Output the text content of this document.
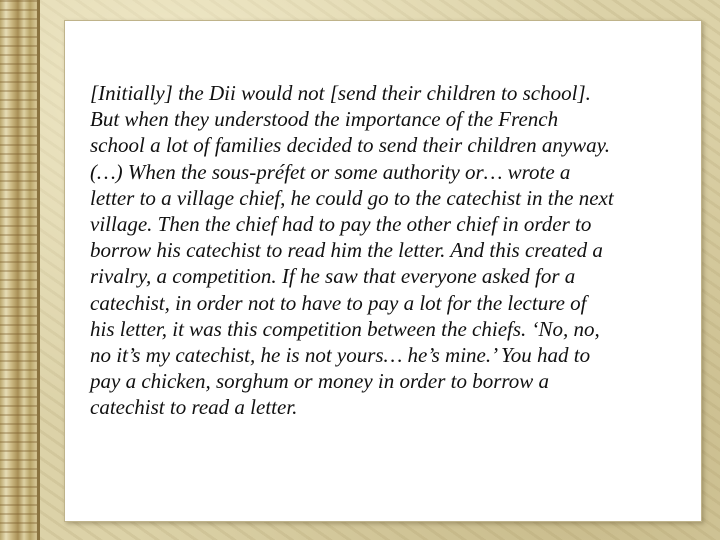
[Initially] the Dii would not [send their children to school].
But when they understood the importance of the French
school a lot of families decided to send their children anyway.
(…) When the sous-préfet or some authority or… wrote a
letter to a village chief, he could go to the catechist in the next
village. Then the chief had to pay the other chief in order to
borrow his catechist to read him the letter. And this created a
rivalry, a competition. If he saw that everyone asked for a
catechist, in order not to have to pay a lot for the lecture of
his letter, it was this competition between the chiefs. ‘No, no,
no it’s my catechist, he is not yours… he’s mine.’ You had to
pay a chicken, sorghum or money in order to borrow a
catechist to read a letter.
